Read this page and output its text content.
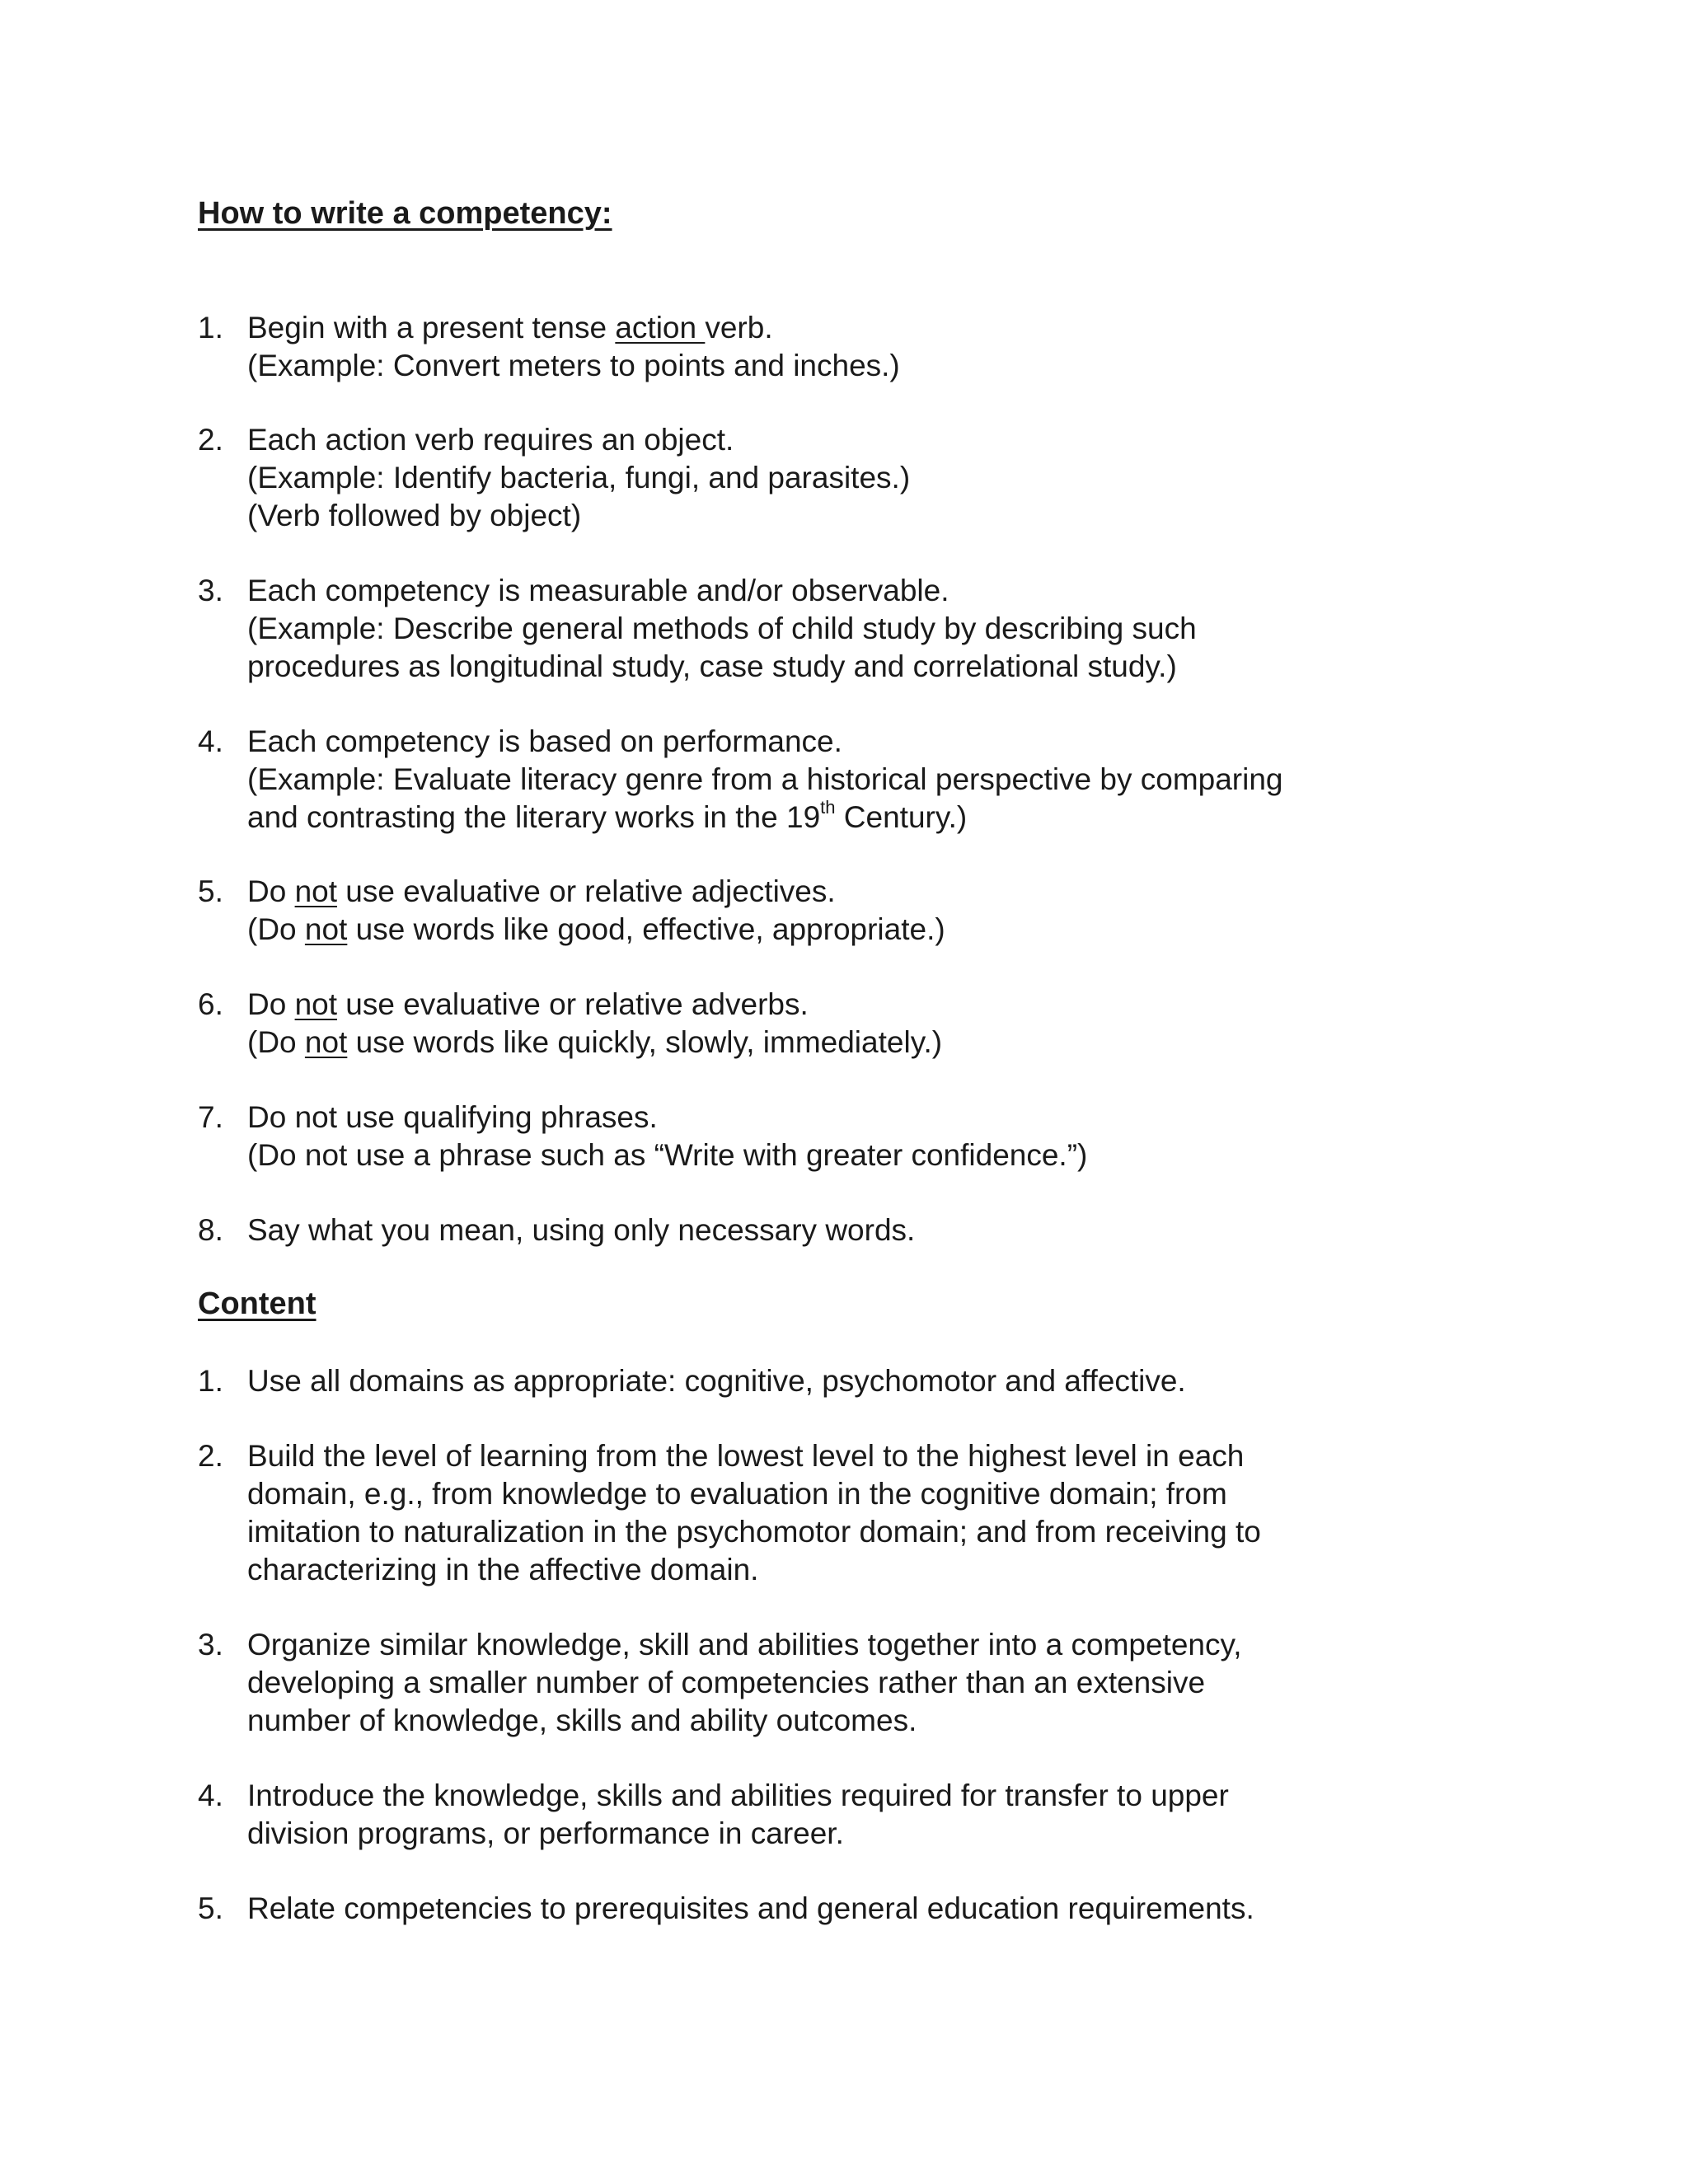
How to write a competency:
1. Begin with a present tense action verb.
(Example: Convert meters to points and inches.)
2. Each action verb requires an object.
(Example: Identify bacteria, fungi, and parasites.)
(Verb followed by object)
3. Each competency is measurable and/or observable.
(Example: Describe general methods of child study by describing such
procedures as longitudinal study, case study and correlational study.)
4. Each competency is based on performance.
(Example: Evaluate literacy genre from a historical perspective by comparing
and contrasting the literary works in the 19th Century.)
5. Do not use evaluative or relative adjectives.
(Do not use words like good, effective, appropriate.)
6. Do not use evaluative or relative adverbs.
(Do not use words like quickly, slowly, immediately.)
7. Do not use qualifying phrases.
(Do not use a phrase such as “Write with greater confidence.”)
8. Say what you mean, using only necessary words.
Content
1. Use all domains as appropriate: cognitive, psychomotor and affective.
2. Build the level of learning from the lowest level to the highest level in each
domain, e.g., from knowledge to evaluation in the cognitive domain; from
imitation to naturalization in the psychomotor domain; and from receiving to
characterizing in the affective domain.
3. Organize similar knowledge, skill and abilities together into a competency,
developing a smaller number of competencies rather than an extensive
number of knowledge, skills and ability outcomes.
4. Introduce the knowledge, skills and abilities required for transfer to upper
division programs, or performance in career.
5. Relate competencies to prerequisites and general education requirements.
